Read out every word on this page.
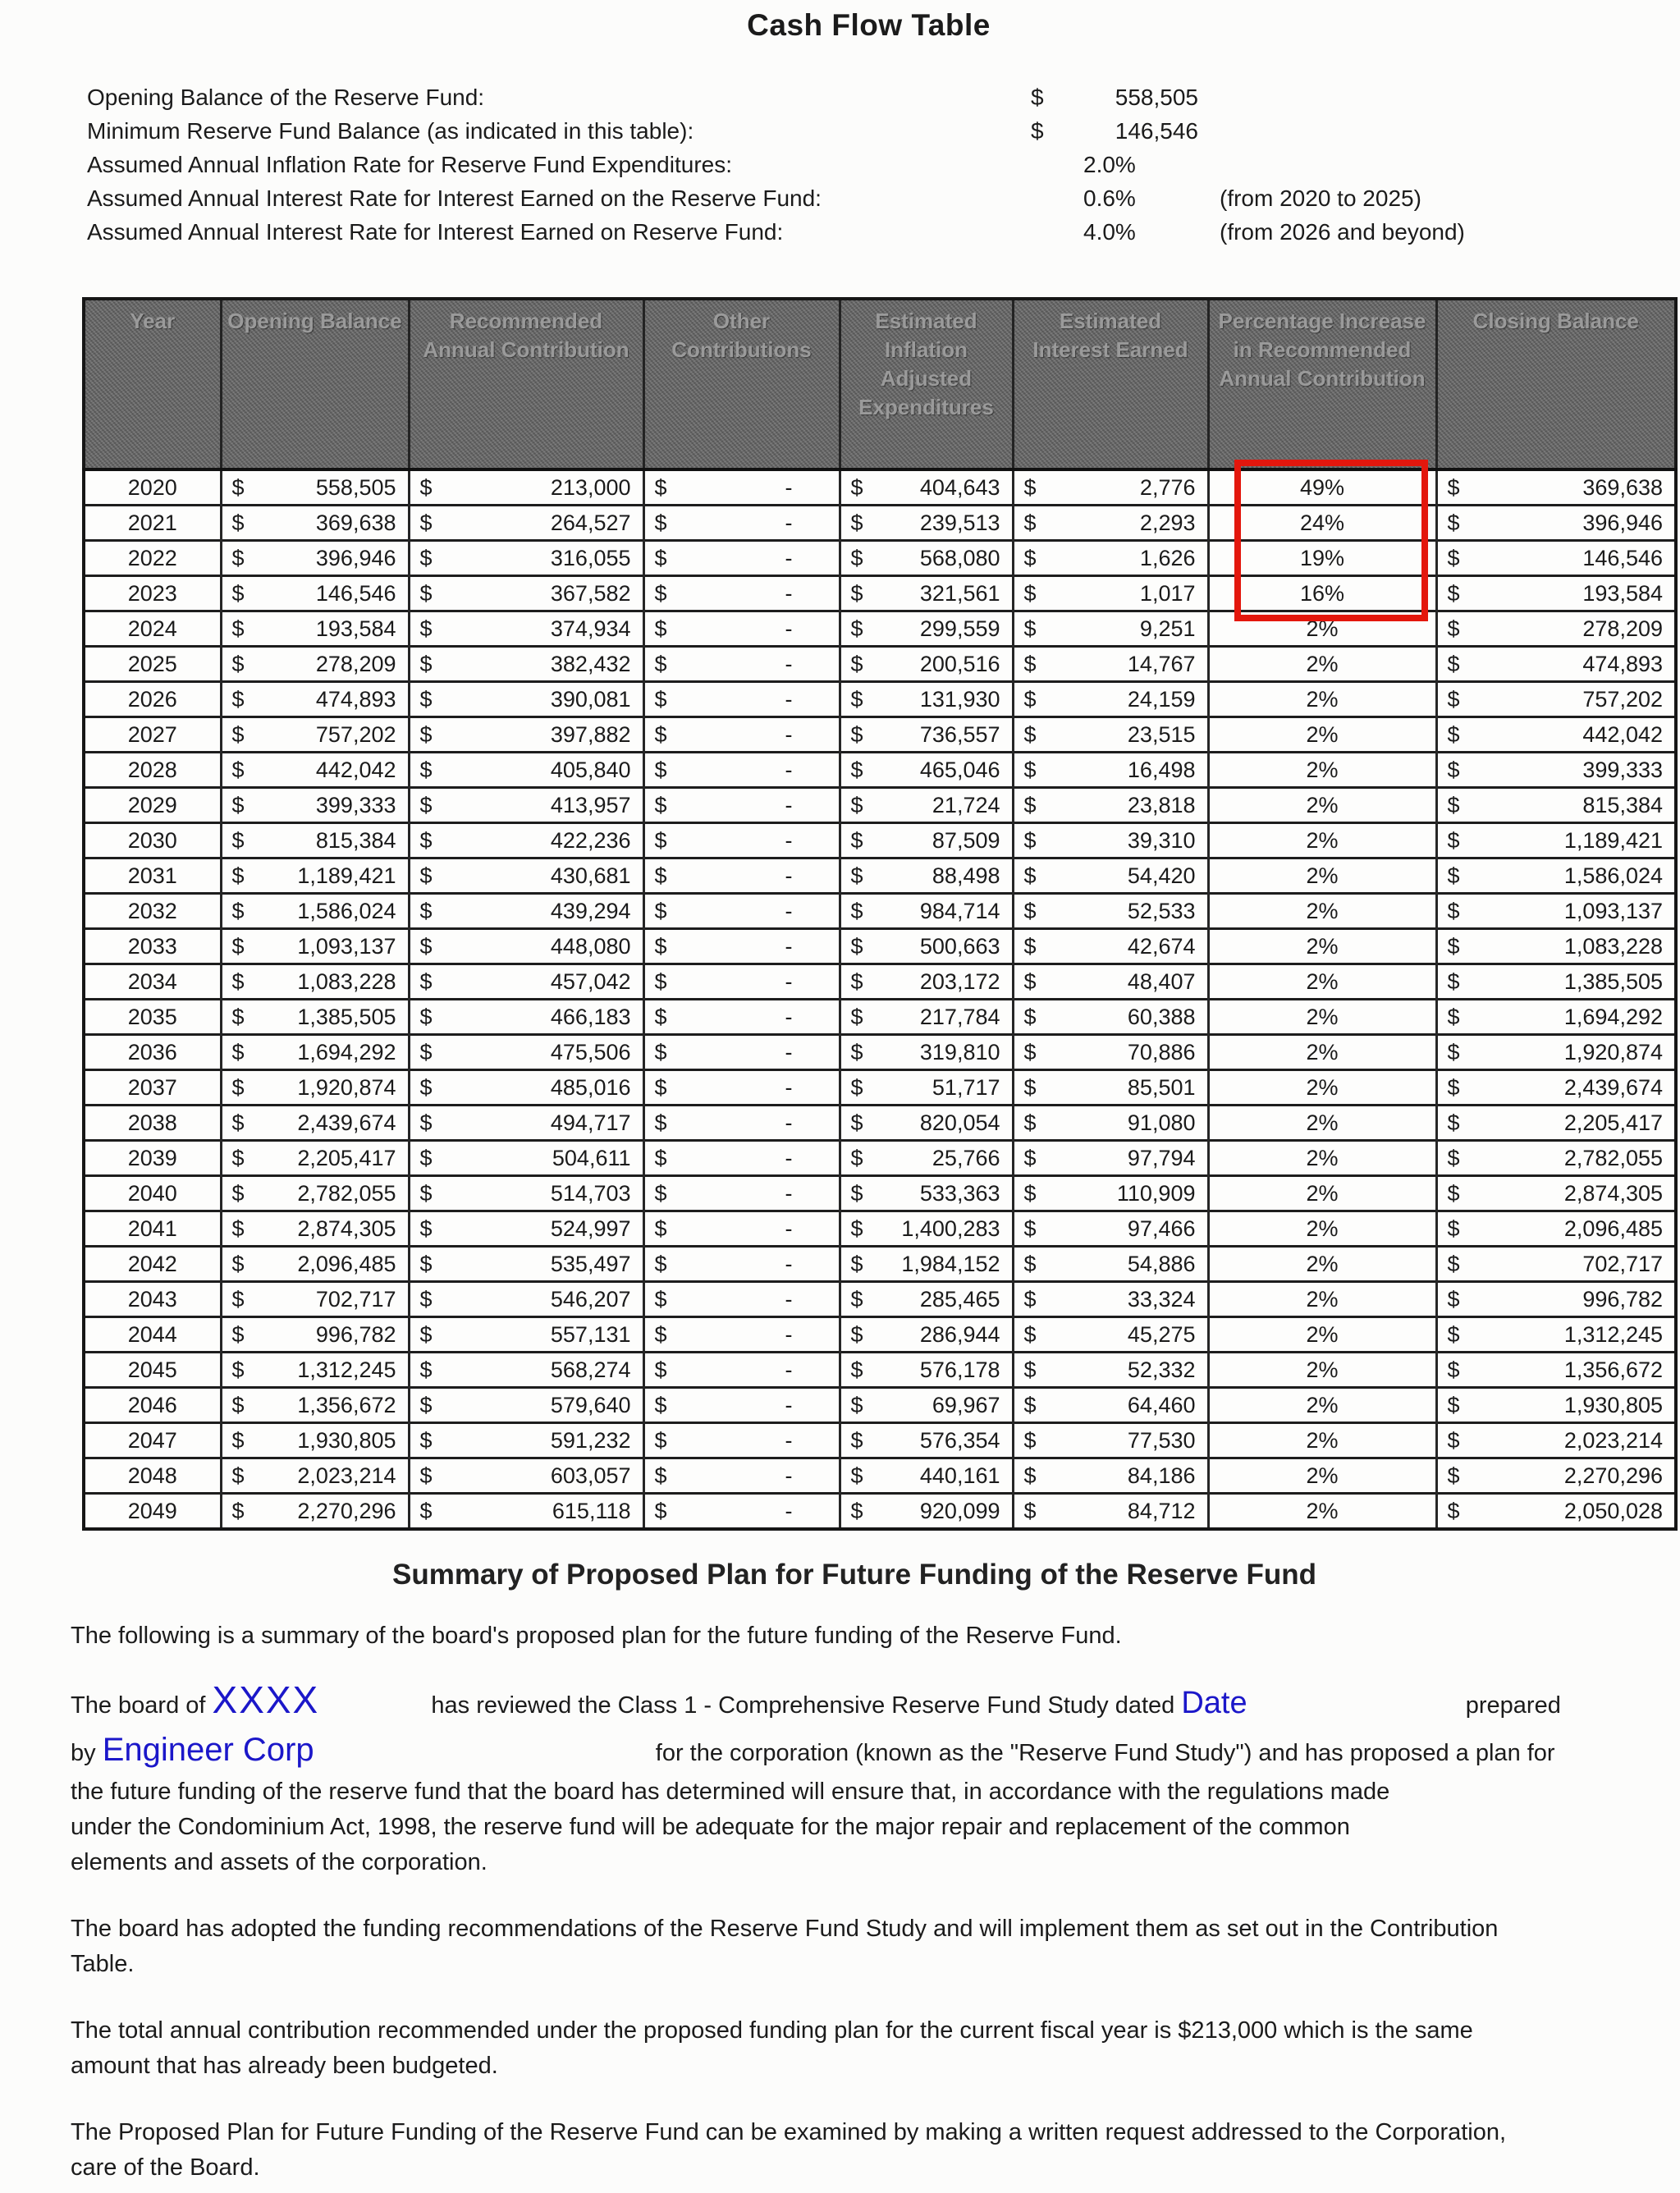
Cash Flow Table
Opening Balance of the Reserve Fund:	$	558,505
Minimum Reserve Fund Balance (as indicated in this table):	$	146,546
Assumed Annual Inflation Rate for Reserve Fund Expenditures:	2.0%
Assumed Annual Interest Rate for Interest Earned on the Reserve Fund:	0.6%	(from 2020 to 2025)
Assumed Annual Interest Rate for Interest Earned on Reserve Fund:	4.0%	(from 2026 and beyond)
Year	Opening Balance	Recommended Annual Contribution	Other Contributions	Estimated Inflation Adjusted Expenditures	Estimated Interest Earned	Percentage Increase in Recommended Annual Contribution	Closing Balance
2020	$ 558,505	$ 213,000	$ -	$ 404,643	$ 2,776	49%	$ 369,638

2021	$ 369,638	$ 264,527	$ -	$ 239,513	$ 2,293	24%	$ 396,946

2022	$ 396,946	$ 316,055	$ -	$ 568,080	$ 1,626	19%	$ 146,546

2023	$ 146,546	$ 367,582	$ -	$ 321,561	$ 1,017	16%	$ 193,584

2024	$ 193,584	$ 374,934	$ -	$ 299,559	$ 9,251	2%	$ 278,209

2025	$ 278,209	$ 382,432	$ -	$ 200,516	$ 14,767	2%	$ 474,893

2026	$ 474,893	$ 390,081	$ -	$ 131,930	$ 24,159	2%	$ 757,202

2027	$ 757,202	$ 397,882	$ -	$ 736,557	$ 23,515	2%	$ 442,042

2028	$ 442,042	$ 405,840	$ -	$ 465,046	$ 16,498	2%	$ 399,333

2029	$ 399,333	$ 413,957	$ -	$ 21,724	$ 23,818	2%	$ 815,384

2030	$ 815,384	$ 422,236	$ -	$ 87,509	$ 39,310	2%	$ 1,189,421

2031	$ 1,189,421	$ 430,681	$ -	$ 88,498	$ 54,420	2%	$ 1,586,024

2032	$ 1,586,024	$ 439,294	$ -	$ 984,714	$ 52,533	2%	$ 1,093,137

2033	$ 1,093,137	$ 448,080	$ -	$ 500,663	$ 42,674	2%	$ 1,083,228

2034	$ 1,083,228	$ 457,042	$ -	$ 203,172	$ 48,407	2%	$ 1,385,505

2035	$ 1,385,505	$ 466,183	$ -	$ 217,784	$ 60,388	2%	$ 1,694,292

2036	$ 1,694,292	$ 475,506	$ -	$ 319,810	$ 70,886	2%	$ 1,920,874

2037	$ 1,920,874	$ 485,016	$ -	$ 51,717	$ 85,501	2%	$ 2,439,674

2038	$ 2,439,674	$ 494,717	$ -	$ 820,054	$ 91,080	2%	$ 2,205,417

2039	$ 2,205,417	$ 504,611	$ -	$ 25,766	$ 97,794	2%	$ 2,782,055

2040	$ 2,782,055	$ 514,703	$ -	$ 533,363	$ 110,909	2%	$ 2,874,305

2041	$ 2,874,305	$ 524,997	$ -	$ 1,400,283	$ 97,466	2%	$ 2,096,485

2042	$ 2,096,485	$ 535,497	$ -	$ 1,984,152	$ 54,886	2%	$ 702,717

2043	$ 702,717	$ 546,207	$ -	$ 285,465	$ 33,324	2%	$ 996,782

2044	$ 996,782	$ 557,131	$ -	$ 286,944	$ 45,275	2%	$ 1,312,245

2045	$ 1,312,245	$ 568,274	$ -	$ 576,178	$ 52,332	2%	$ 1,356,672

2046	$ 1,356,672	$ 579,640	$ -	$ 69,967	$ 64,460	2%	$ 1,930,805

2047	$ 1,930,805	$ 591,232	$ -	$ 576,354	$ 77,530	2%	$ 2,023,214

2048	$ 2,023,214	$ 603,057	$ -	$ 440,161	$ 84,186	2%	$ 2,270,296

2049	$ 2,270,296	$ 615,118	$ -	$ 920,099	$ 84,712	2%	$ 2,050,028
Summary of Proposed Plan for Future Funding of the Reserve Fund

The following is a summary of the board's proposed plan for the future funding of the Reserve Fund.

The board of XXXX	has reviewed the Class 1 - Comprehensive Reserve Fund Study dated Date	prepared
by Engineer Corp	for the corporation (known as the "Reserve Fund Study") and has proposed a plan for
the future funding of the reserve fund that the board has determined will ensure that, in accordance with the regulations made
under the Condominium Act, 1998, the reserve fund will be adequate for the major repair and replacement of the common
elements and assets of the corporation.

The board has adopted the funding recommendations of the Reserve Fund Study and will implement them as set out in the Contribution Table.

The total annual contribution recommended under the proposed funding plan for the current fiscal year is $213,000 which is the same amount that has already been budgeted.

The Proposed Plan for Future Funding of the Reserve Fund can be examined by making a written request addressed to the Corporation, care of the Board.
